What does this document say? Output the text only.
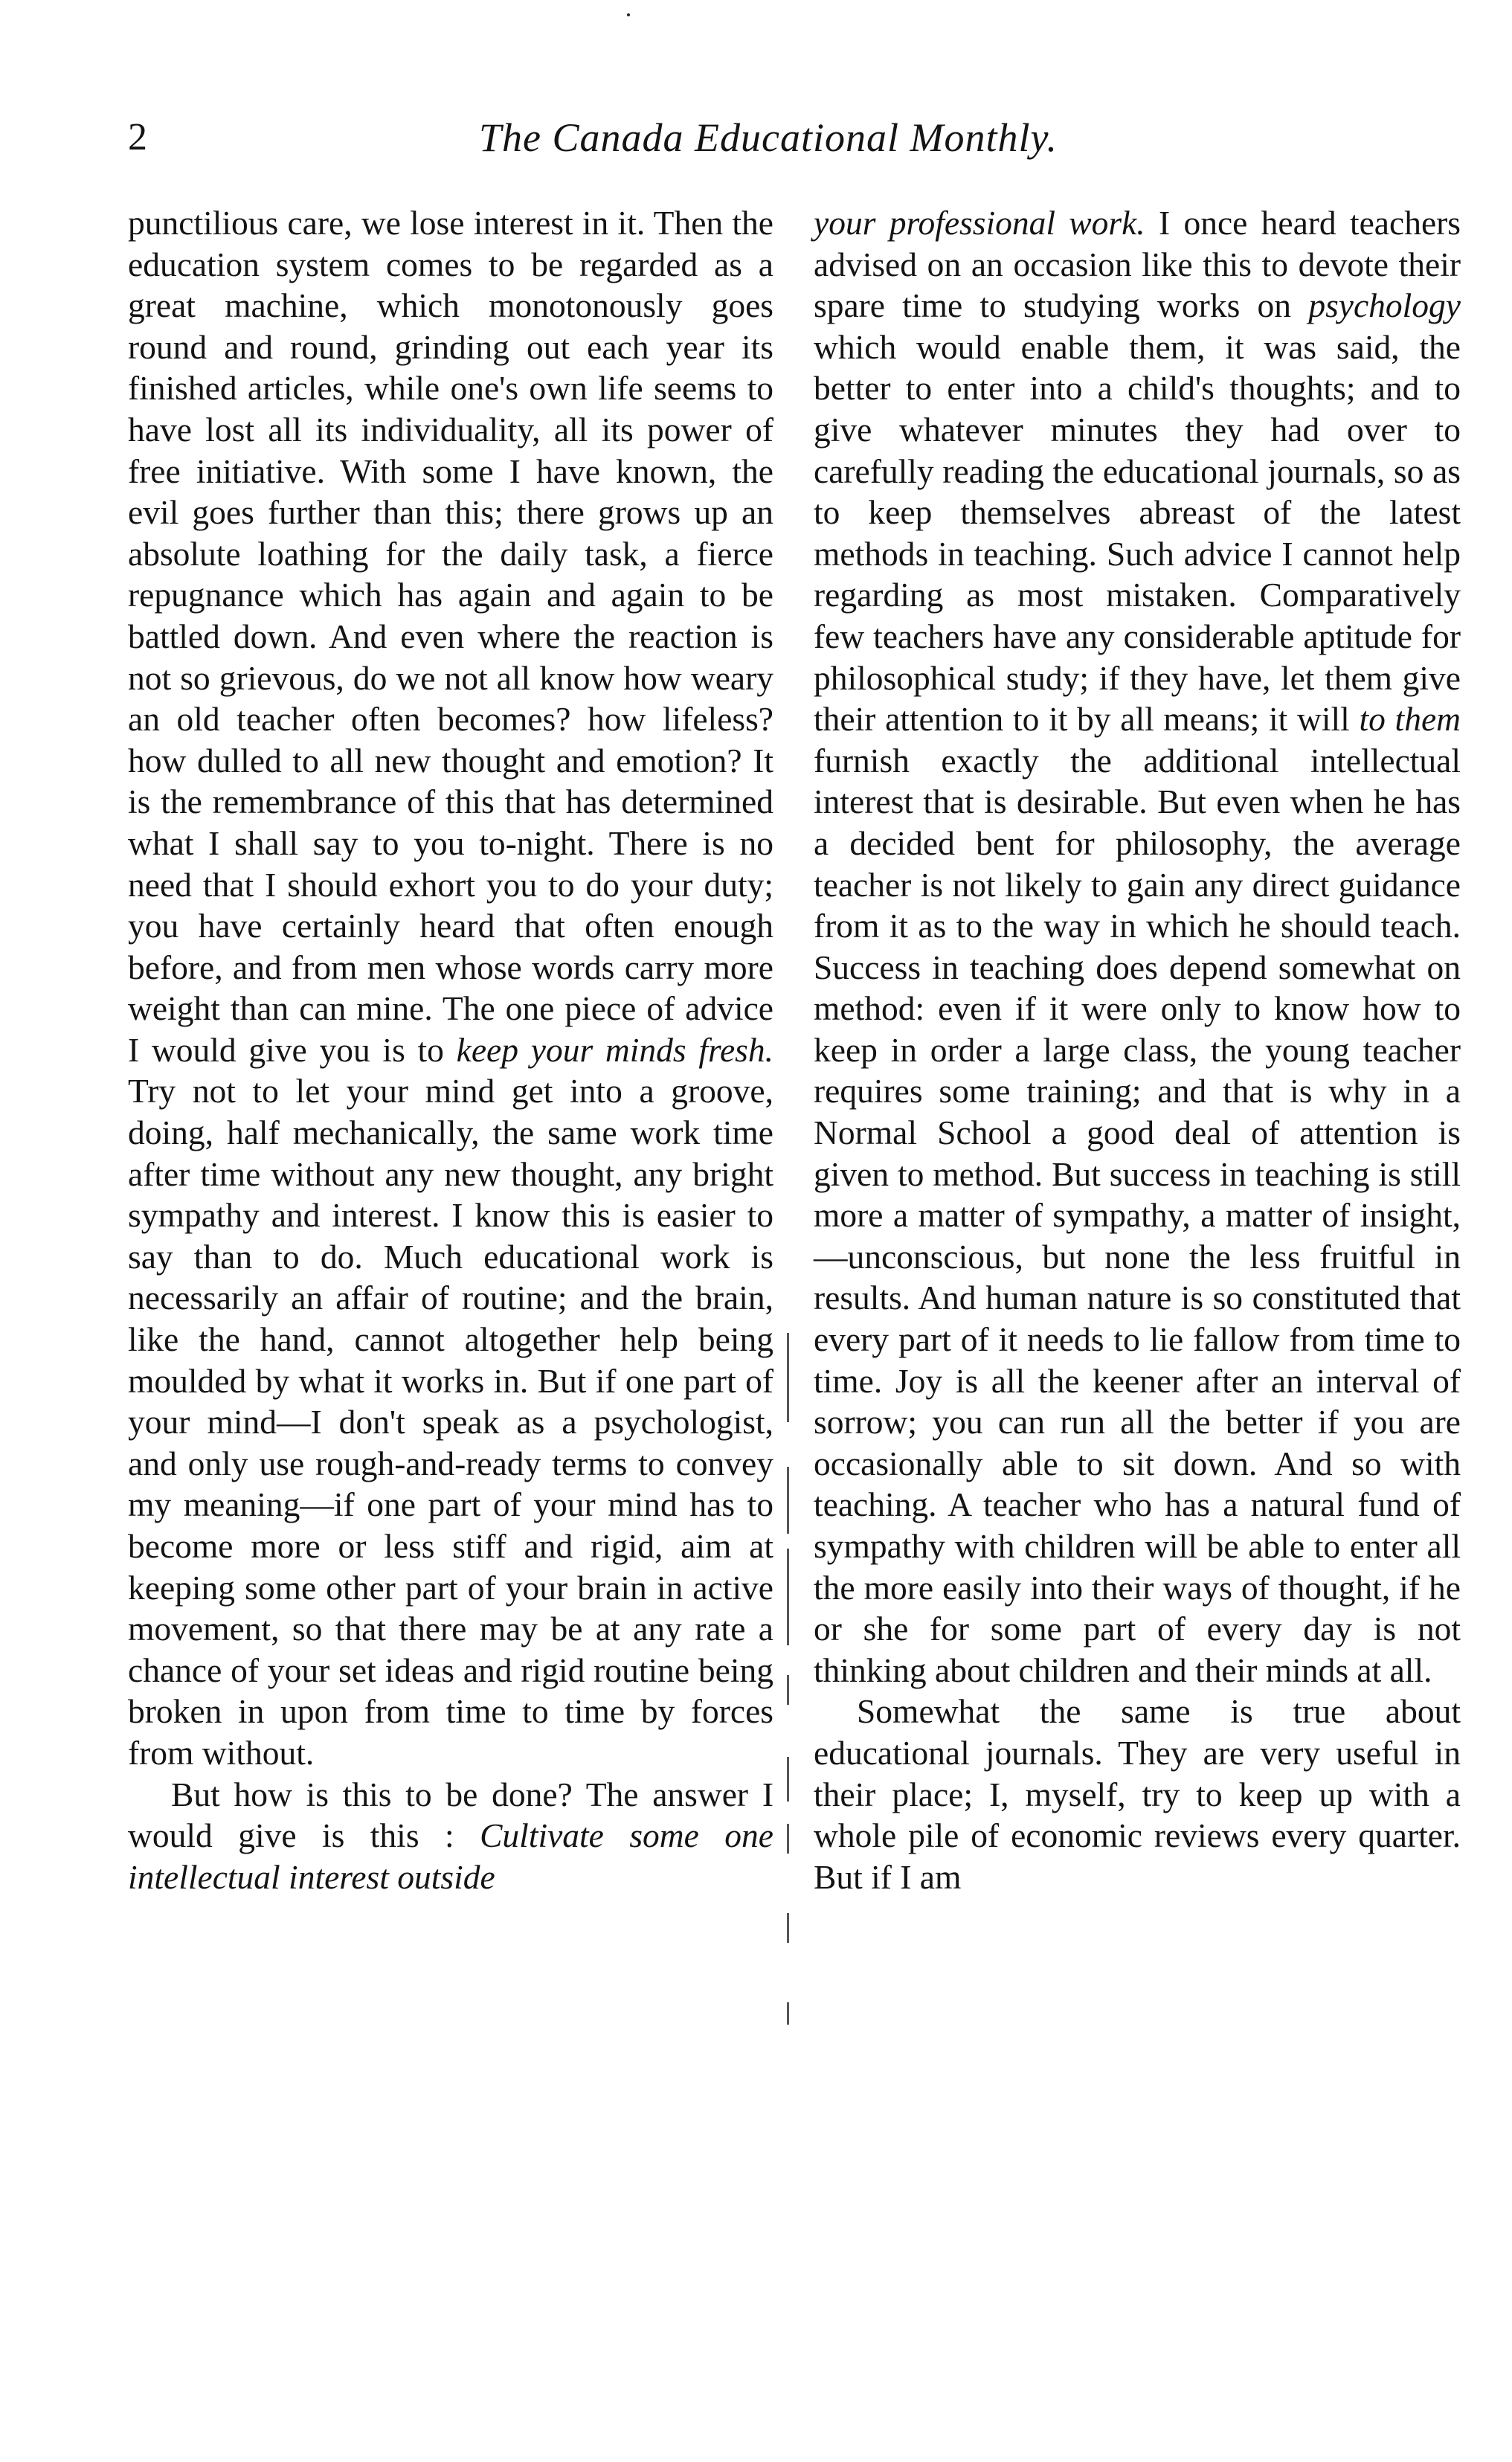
2	The Canada Educational Monthly.

punctilious care, we lose interest in it. Then the education system comes to be regarded as a great machine, which monotonously goes round and round, grinding out each year its finished articles, while one's own life seems to have lost all its individuality, all its power of free initiative. With some I have known, the evil goes further than this; there grows up an absolute loathing for the daily task, a fierce repugnance which has again and again to be battled down. And even where the reaction is not so grievous, do we not all know how weary an old teacher often becomes? how lifeless? how dulled to all new thought and emotion? It is the remembrance of this that has determined what I shall say to you to-night. There is no need that I should exhort you to do your duty; you have certainly heard that often enough before, and from men whose words carry more weight than can mine. The one piece of advice I would give you is to keep your minds fresh. Try not to let your mind get into a groove, doing, half mechanically, the same work time after time without any new thought, any bright sympathy and interest. I know this is easier to say than to do. Much educational work is necessarily an affair of routine; and the brain, like the hand, cannot altogether help being moulded by what it works in. But if one part of your mind—I don't speak as a psychologist, and only use rough-and-ready terms to convey my meaning—if one part of your mind has to become more or less stiff and rigid, aim at keeping some other part of your brain in active movement, so that there may be at any rate a chance of your set ideas and rigid routine being broken in upon from time to time by forces from without.

But how is this to be done? The answer I would give is this : Cultivate some one intellectual interest outside

your professional work. I once heard teachers advised on an occasion like this to devote their spare time to studying works on psychology which would enable them, it was said, the better to enter into a child's thoughts; and to give whatever minutes they had over to carefully reading the educational journals, so as to keep themselves abreast of the latest methods in teaching. Such advice I cannot help regarding as most mistaken. Comparatively few teachers have any considerable aptitude for philosophical study; if they have, let them give their attention to it by all means; it will to them furnish exactly the additional intellectual interest that is desirable. But even when he has a decided bent for philosophy, the average teacher is not likely to gain any direct guidance from it as to the way in which he should teach. Success in teaching does depend somewhat on method: even if it were only to know how to keep in order a large class, the young teacher requires some training; and that is why in a Normal School a good deal of attention is given to method. But success in teaching is still more a matter of sympathy, a matter of insight,—unconscious, but none the less fruitful in results. And human nature is so constituted that every part of it needs to lie fallow from time to time. Joy is all the keener after an interval of sorrow; you can run all the better if you are occasionally able to sit down. And so with teaching. A teacher who has a natural fund of sympathy with children will be able to enter all the more easily into their ways of thought, if he or she for some part of every day is not thinking about children and their minds at all.

Somewhat the same is true about educational journals. They are very useful in their place; I, myself, try to keep up with a whole pile of economic reviews every quarter. But if I am
